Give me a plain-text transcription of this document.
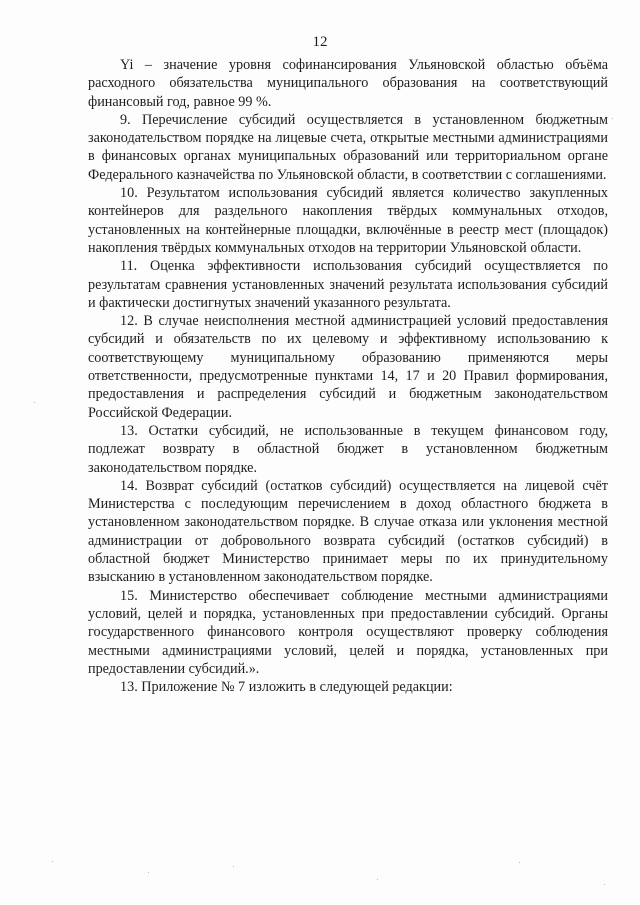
12

Yi – значение уровня софинансирования Ульяновской областью объёма расходного обязательства муниципального образования на соответствующий финансовый год, равное 99 %.

9. Перечисление субсидий осуществляется в установленном бюджетным законодательством порядке на лицевые счета, открытые местными администрациями в финансовых органах муниципальных образований или территориальном органе Федерального казначейства по Ульяновской области, в соответствии с соглашениями.

10. Результатом использования субсидий является количество закупленных контейнеров для раздельного накопления твёрдых коммунальных отходов, установленных на контейнерные площадки, включённые в реестр мест (площадок) накопления твёрдых коммунальных отходов на территории Ульяновской области.

11. Оценка эффективности использования субсидий осуществляется по результатам сравнения установленных значений результата использования субсидий и фактически достигнутых значений указанного результата.

12. В случае неисполнения местной администрацией условий предоставления субсидий и обязательств по их целевому и эффективному использованию к соответствующему муниципальному образованию применяются меры ответственности, предусмотренные пунктами 14, 17 и 20 Правил формирования, предоставления и распределения субсидий и бюджетным законодательством Российской Федерации.

13. Остатки субсидий, не использованные в текущем финансовом году, подлежат возврату в областной бюджет в установленном бюджетным законодательством порядке.

14. Возврат субсидий (остатков субсидий) осуществляется на лицевой счёт Министерства с последующим перечислением в доход областного бюджета в установленном законодательством порядке. В случае отказа или уклонения местной администрации от добровольного возврата субсидий (остатков субсидий) в областной бюджет Министерство принимает меры по их принудительному взысканию в установленном законодательством порядке.

15. Министерство обеспечивает соблюдение местными администрациями условий, целей и порядка, установленных при предоставлении субсидий. Органы государственного финансового контроля осуществляют проверку соблюдения местными администрациями условий, целей и порядка, установленных при предоставлении субсидий.».

13. Приложение № 7 изложить в следующей редакции:
